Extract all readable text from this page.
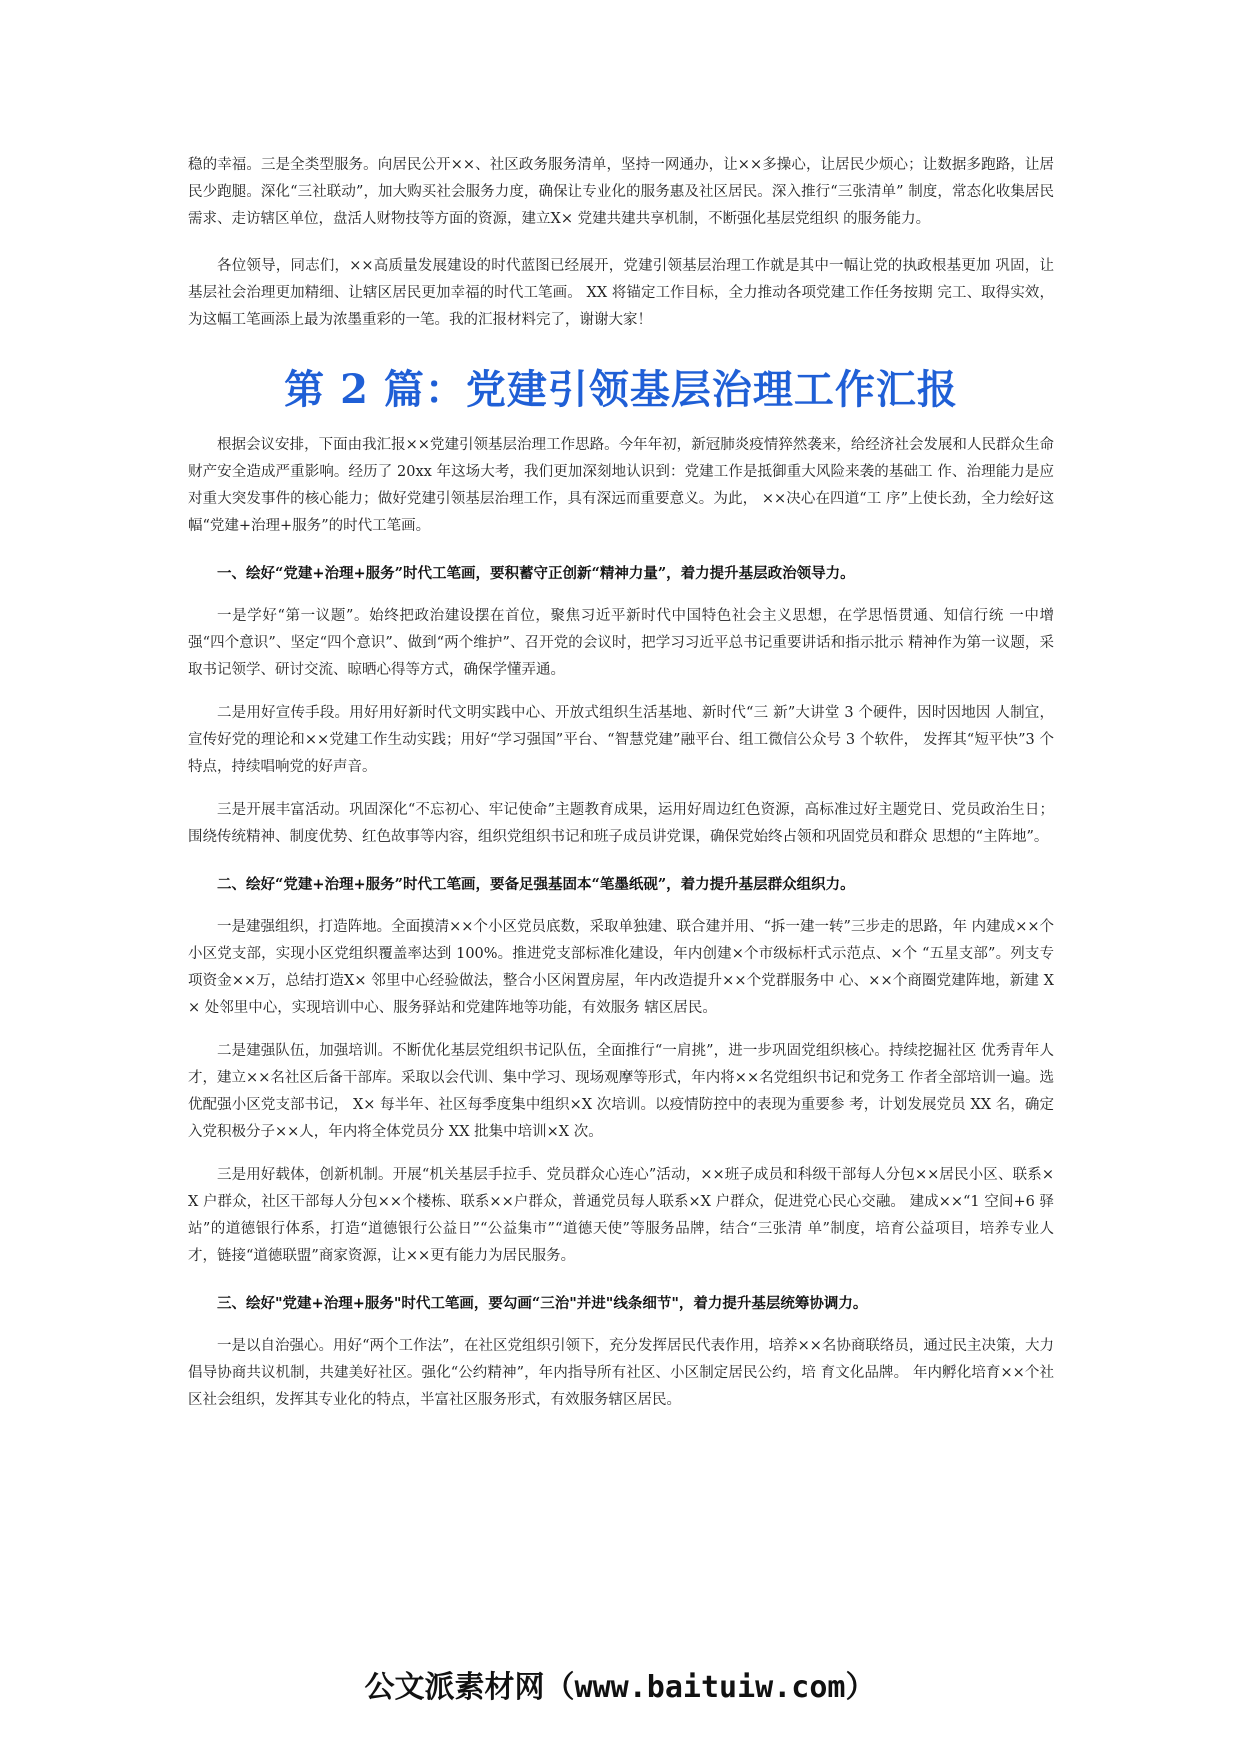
稳的幸福。三是全类型服务。向居民公开××、社区政务服务清单，坚持一网通办，让××多操心，让居民少烦心；让数据多跑路，让居民少跑腿。深化“三社联动”，加大购买社会服务力度，确保让专业化的服务惠及社区居民。深入推行“三张清单” 制度，常态化收集居民需求、走访辖区单位，盘活人财物技等方面的资源，建立X× 党建共建共享机制，不断强化基层党组织 的服务能力。

各位领导，同志们，××高质量发展建设的时代蓝图已经展开，党建引领基层治理工作就是其中一幅让党的执政根基更加 巩固，让基层社会治理更加精细、让辖区居民更加幸福的时代工笔画。 XX 将锚定工作目标，全力推动各项党建工作任务按期 完工、取得实效，为这幅工笔画添上最为浓墨重彩的一笔。我的汇报材料完了，谢谢大家！

第 2 篇：党建引领基层治理工作汇报

根据会议安排，下面由我汇报××党建引领基层治理工作思路。今年年初，新冠肺炎疫情猝然袭来，给经济社会发展和人民群众生命财产安全造成严重影响。经历了 20xx 年这场大考，我们更加深刻地认识到：党建工作是抵御重大风险来袭的基础工 作、治理能力是应对重大突发事件的核心能力；做好党建引领基层治理工作，具有深远而重要意义。为此， ××决心在四道“工 序”上使长劲，全力绘好这幅“党建+治理+服务”的时代工笔画。

一、绘好“党建+治理+服务”时代工笔画，要积蓄守正创新“精神力量”，着力提升基层政治领导力。

一是学好“第一议题”。始终把政治建设摆在首位，聚焦习近平新时代中国特色社会主义思想，在学思悟贯通、知信行统 一中增强“四个意识”、坚定“四个意识”、做到“两个维护”、召开党的会议时，把学习习近平总书记重要讲话和指示批示 精神作为第一议题，采取书记领学、研讨交流、晾晒心得等方式，确保学懂弄通。

二是用好宣传手段。用好用好新时代文明实践中心、开放式组织生活基地、新时代“三 新”大讲堂 3 个硬件，因时因地因 人制宜，宣传好党的理论和××党建工作生动实践；用好“学习强国”平台、“智慧党建”融平台、组工微信公众号 3 个软件， 发挥其“短平快”3 个特点，持续唱响党的好声音。

三是开展丰富活动。巩固深化“不忘初心、牢记使命”主题教育成果，运用好周边红色资源，高标准过好主题党日、党员政治生日；围绕传统精神、制度优势、红色故事等内容，组织党组织书记和班子成员讲党课，确保党始终占领和巩固党员和群众 思想的“主阵地”。

二、绘好“党建+治理+服务”时代工笔画，要备足强基固本“笔墨纸砚”，着力提升基层群众组织力。

一是建强组织，打造阵地。全面摸清××个小区党员底数，采取单独建、联合建并用、“拆一建一转”三步走的思路，年 内建成××个小区党支部，实现小区党组织覆盖率达到 100%。推进党支部标准化建设，年内创建×个市级标杆式示范点、×个 “五星支部”。列支专项资金××万，总结打造X× 邻里中心经验做法，整合小区闲置房屋，年内改造提升××个党群服务中 心、××个商圈党建阵地，新建 X× 处邻里中心，实现培训中心、服务驿站和党建阵地等功能，有效服务 辖区居民。

二是建强队伍，加强培训。不断优化基层党组织书记队伍，全面推行“一肩挑”，进一步巩固党组织核心。持续挖掘社区 优秀青年人才，建立××名社区后备干部库。采取以会代训、集中学习、现场观摩等形式，年内将××名党组织书记和党务工 作者全部培训一遍。选优配强小区党支部书记， X× 每半年、社区每季度集中组织×X 次培训。以疫情防控中的表现为重要参 考，计划发展党员 XX 名，确定入党积极分子××人，年内将全体党员分 XX 批集中培训×X 次。

三是用好载体，创新机制。开展“机关基层手拉手、党员群众心连心”活动，××班子成员和科级干部每人分包××居民小区、联系×X 户群众，社区干部每人分包××个楼栋、联系××户群众，普通党员每人联系×X 户群众，促进党心民心交融。 建成××“1 空间+6 驿站”的道德银行体系，打造“道德银行公益日”“公益集市”“道德天使”等服务品牌，结合“三张清 单”制度，培育公益项目，培养专业人才，链接“道德联盟”商家资源，让××更有能力为居民服务。

三、绘好"党建+治理+服务"时代工笔画，要勾画“三治"并进"线条细节"，着力提升基层统筹协调力。

一是以自治强心。用好“两个工作法”，在社区党组织引领下，充分发挥居民代表作用，培养××名协商联络员，通过民主决策，大力倡导协商共议机制，共建美好社区。强化“公约精神”，年内指导所有社区、小区制定居民公约，培 育文化品牌。 年内孵化培育××个社区社会组织，发挥其专业化的特点，半富社区服务形式，有效服务辖区居民。

公文派素材网（www.baituiw.com）
